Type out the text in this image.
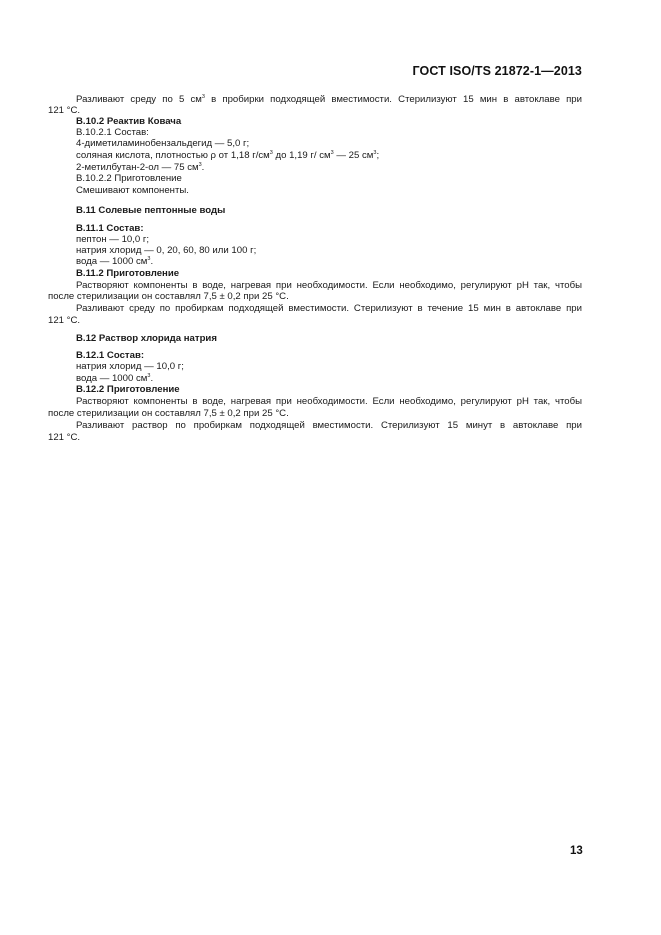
ГОСТ ISO/TS 21872-1—2013
Разливают среду по 5 $см^3$ в пробирки подходящей вместимости. Стерилизуют 15 мин в автоклаве при
121 °C.
B.10.2 Реактив Ковача
B.10.2.1 Состав:
4-диметиламинобензальдегид — 5,0 г;
соляная кислота, плотностью ρ от 1,18 $г/см^3$ до 1,19 г/ $см^3$ — 25 $см^3$;
2-метилбутан-2-ол — 75 $см^3$.
B.10.2.2 Приготовление
Смешивают компоненты.
B.11 Солевые пептонные воды
B.11.1 Состав:
пептон — 10,0 г;
натрия хлорид — 0, 20, 60, 80 или 100 г;
вода — 1000 $см^3$.
B.11.2 Приготовление
Растворяют компоненты в воде, нагревая при необходимости. Если необходимо, регулируют pH так, чтобы
после стерилизации он составлял 7,5 ± 0,2 при 25 °C.
Разливают среду по пробиркам подходящей вместимости. Стерилизуют в течение 15 мин в автоклаве при
121 °C.
B.12 Раствор хлорида натрия
B.12.1 Состав:
натрия хлорид — 10,0 г;
вода — 1000 $см^3$.
B.12.2 Приготовление
Растворяют компоненты в воде, нагревая при необходимости. Если необходимо, регулируют pH так, чтобы
после стерилизации он составлял 7,5 ± 0,2 при 25 °C.
Разливают раствор по пробиркам подходящей вместимости. Стерилизуют 15 минут в автоклаве при
121 °C.
13
